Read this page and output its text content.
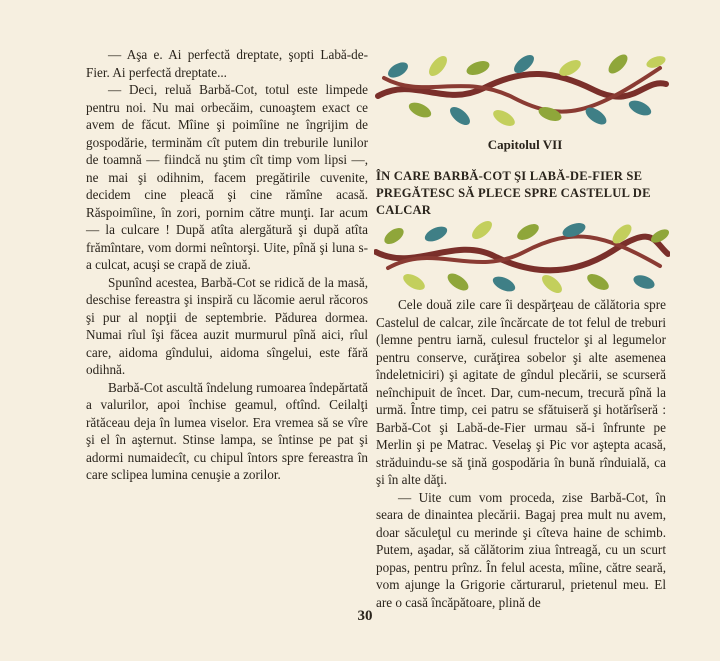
— Aşa e. Ai perfectă dreptate, şopti Labă-de-Fier. Ai perfectă dreptate...

— Deci, reluă Barbă-Cot, totul este limpede pentru noi. Nu mai orbecăim, cunoaştem exact ce avem de făcut. Mîine şi poimîine ne îngrijim de gospodărie, terminăm cît putem din treburile lunilor de toamnă — fiindcă nu ştim cît timp vom lipsi —, ne mai şi odihnim, facem pregătirile cuvenite, decidem cine pleacă şi cine rămîne acasă. Răspoimîine, în zori, pornim către munţi. Iar acum — la culcare ! După atîta alergătură şi după atîta frămîntare, vom dormi neîntorşi. Uite, pînă şi luna s-a culcat, acuşi se crapă de ziuă.

Spunînd acestea, Barbă-Cot se ridică de la masă, deschise fereastra şi inspiră cu lăcomie aerul răcoros şi pur al nopţii de septembrie. Pădurea dormea. Numai rîul îşi făcea auzit murmurul pînă aici, rîul care, aidoma gîndului, aidoma sîngelui, este fără odihnă.

Barbă-Cot ascultă îndelung rumoarea îndepărtată a valurilor, apoi închise geamul, oftînd. Ceilalţi rătăceau deja în lumea viselor. Era vremea să se vîre şi el în aşternut. Stinse lampa, se întinse pe pat şi adormi numaidecît, cu chipul întors spre fereastra în care sclipea lumina cenuşie a zorilor.

Capitolul VII
ÎN CARE BARBĂ-COT ŞI LABĂ-DE-FIER SE PREGĂTESC SĂ PLECE SPRE CASTELUL DE CALCAR

Cele două zile care îi despărţeau de călătoria spre Castelul de calcar, zile încărcate de tot felul de treburi (lemne pentru iarnă, culesul fructelor şi al legumelor pentru conserve, curăţirea sobelor şi alte asemenea îndeletniciri) şi agitate de gîndul plecării, se scurseră neînchipuit de încet. Dar, cum-necum, trecură pînă la urmă. Între timp, cei patru se sfătuiseră şi hotărîseră : Barbă-Cot şi Labă-de-Fier urmau să-i înfrunte pe Merlin şi pe Matrac. Veselaş şi Pic vor aştepta acasă, străduindu-se să ţină gospodăria în bună rînduială, ca şi în alte dăţi.

— Uite cum vom proceda, zise Barbă-Cot, în seara de dinaintea plecării. Bagaj prea mult nu avem, doar săculeţul cu merinde şi cîteva haine de schimb. Putem, aşadar, să călătorim ziua întreagă, cu un scurt popas, pentru prînz. În felul acesta, mîine, către seară, vom ajunge la Grigorie cărturarul, prietenul meu. El are o casă încăpătoare, plină de

30
